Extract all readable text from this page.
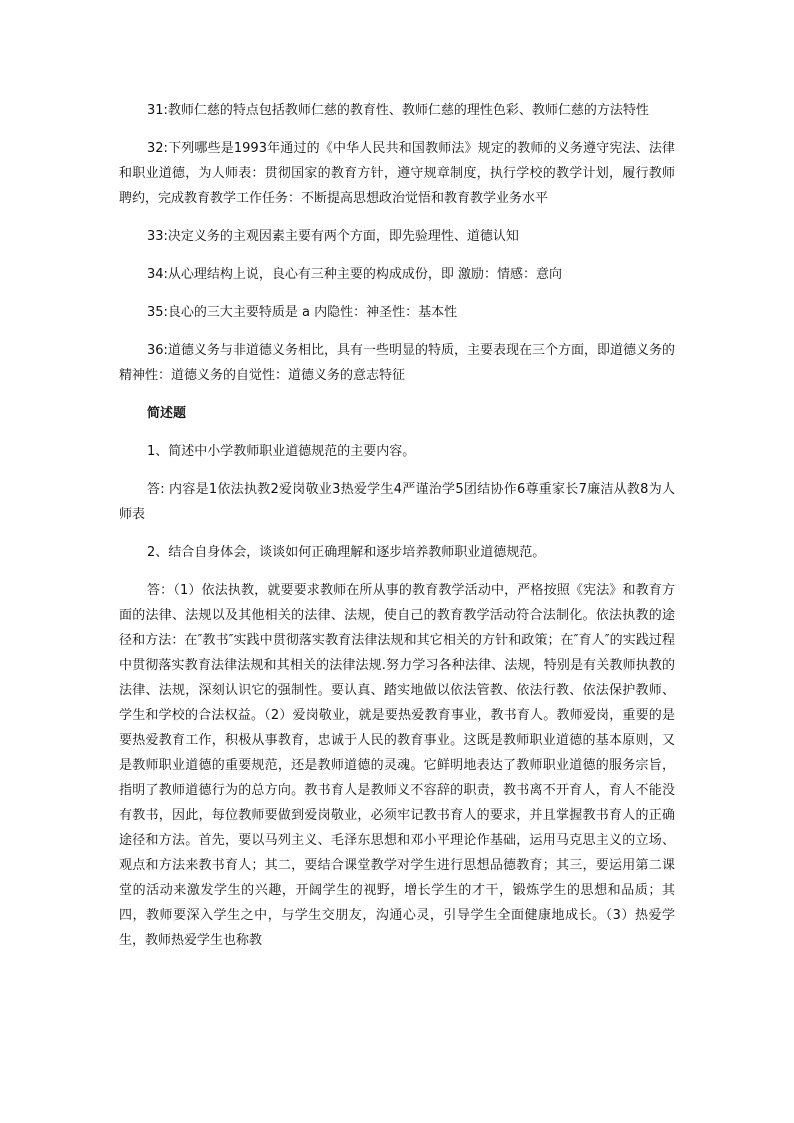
31:教师仁慈的特点包括教师仁慈的教育性、教师仁慈的理性色彩、教师仁慈的方法特性

32:下列哪些是1993年通过的《中华人民共和国教师法》规定的教师的义务遵守宪法、法律和职业道德，为人师表：贯彻国家的教育方针，遵守规章制度，执行学校的教学计划，履行教师聘约，完成教育教学工作任务：不断提高思想政治觉悟和教育教学业务水平

33:决定义务的主观因素主要有两个方面，即先验理性、道德认知

34:从心理结构上说，良心有三种主要的构成成份，即 激励：情感：意向

35:良心的三大主要特质是 a 内隐性：神圣性：基本性

36:道德义务与非道德义务相比，具有一些明显的特质，主要表现在三个方面，即道德义务的精神性：道德义务的自觉性：道德义务的意志特征

简述题

1、简述中小学教师职业道德规范的主要内容。

答: 内容是1依法执教2爱岗敬业3热爱学生4严谨治学5团结协作6尊重家长7廉洁从教8为人师表

2、结合自身体会，谈谈如何正确理解和逐步培养教师职业道德规范。

答：（1）依法执教，就要要求教师在所从事的教育教学活动中，严格按照《宪法》和教育方面的法律、法规以及其他相关的法律、法规，使自己的教育教学活动符合法制化。依法执教的途径和方法：在″教书″实践中贯彻落实教育法律法规和其它相关的方针和政策；在″育人″的实践过程中贯彻落实教育法律法规和其相关的法律法规.努力学习各种法律、法规，特别是有关教师执教的法律、法规，深刻认识它的强制性。要认真、踏实地做以依法管教、依法行教、依法保护教师、学生和学校的合法权益。（2）爱岗敬业，就是要热爱教育事业，教书育人。教师爱岗，重要的是要热爱教育工作，积极从事教育，忠诚于人民的教育事业。这既是教师职业道德的基本原则，又是教师职业道德的重要规范，还是教师道德的灵魂。它鲜明地表达了教师职业道德的服务宗旨，指明了教师道德行为的总方向。教书育人是教师义不容辞的职责，教书离不开育人，育人不能没有教书，因此，每位教师要做到爱岗敬业，必须牢记教书育人的要求，并且掌握教书育人的正确途径和方法。首先，要以马列主义、毛泽东思想和邓小平理论作基础，运用马克思主义的立场、观点和方法来教书育人；其二，要结合课堂教学对学生进行思想品德教育；其三，要运用第二课堂的活动来激发学生的兴趣，开阔学生的视野，增长学生的才干，锻炼学生的思想和品质；其四，教师要深入学生之中，与学生交朋友，沟通心灵，引导学生全面健康地成长。（3）热爱学生，教师热爱学生也称教
